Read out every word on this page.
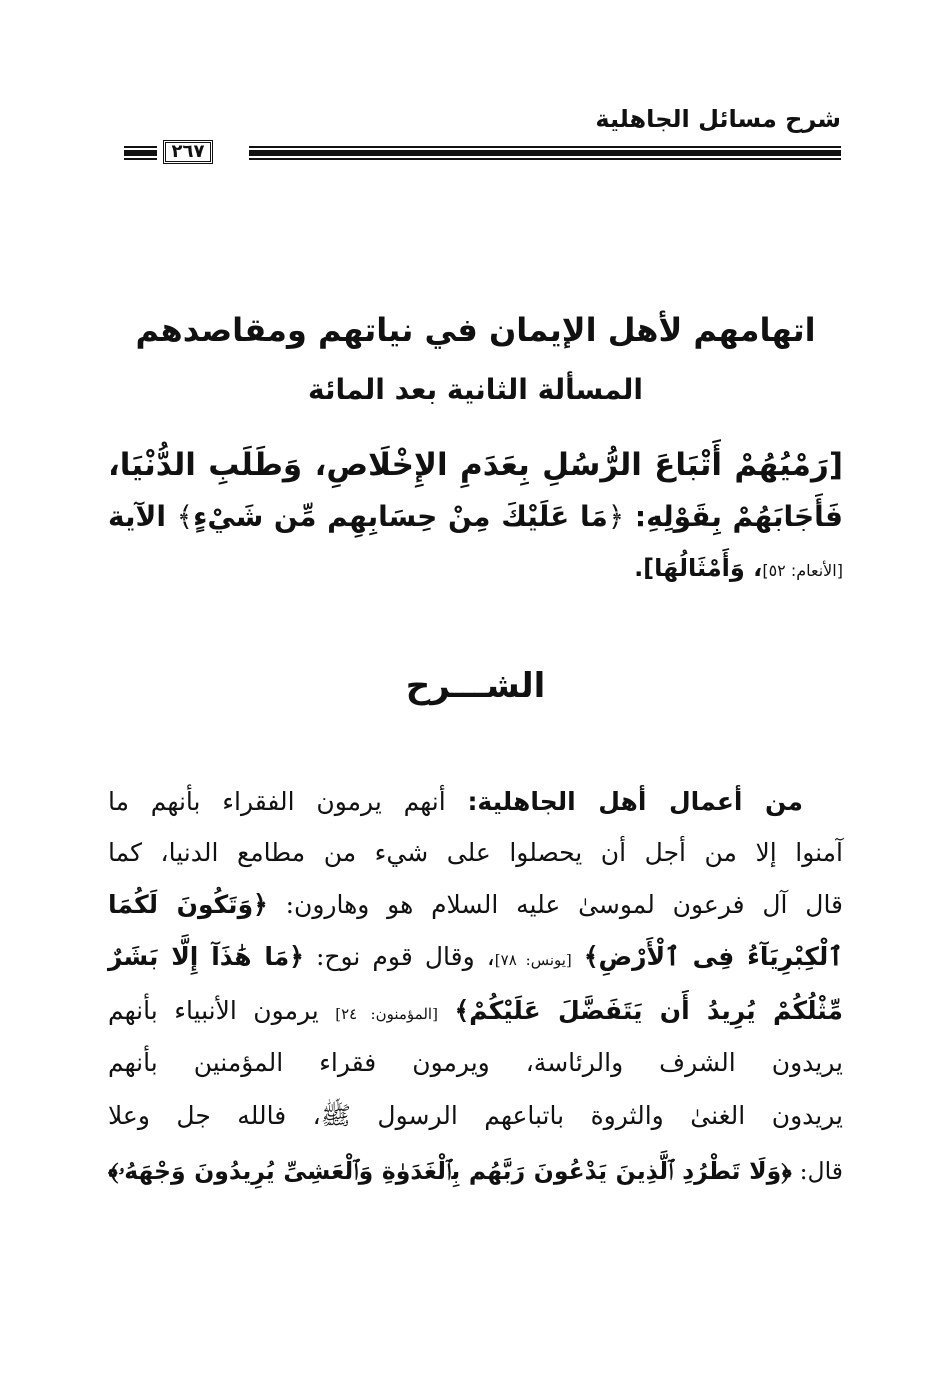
شرح مسائل الجاهلية
٢٦٧
اتهامهم لأهل الإيمان في نياتهم ومقاصدهم
المسألة الثانية بعد المائة
[رَمْيُهُمْ أَتْبَاعَ الرُّسُلِ بِعَدَمِ الإِخْلَاصِ، وَطَلَبِ الدُّنْيَا،
فَأَجَابَهُمْ بِقَوْلِهِ: ﴿مَا عَلَيْكَ مِنْ حِسَابِهِم مِّن شَيْءٍ﴾ الآية
[الأنعام: ٥٢]، وَأَمْثَالُهَا].
الشـــرح
من أعمال أهل الجاهلية: أنهم يرمون الفقراء بأنهم ما
آمنوا إلا من أجل أن يحصلوا على شيء من مطامع الدنيا، كما
قال آل فرعون لموسىٰ عليه السلام هو وهارون: ﴿وَتَكُونَ لَكُمَا
ٱلْكِبْرِيَآءُ فِى ٱلْأَرْضِ﴾ [يونس: ٧٨]، وقال قوم نوح: ﴿مَا هَٰذَآ إِلَّا بَشَرٌ
مِّثْلُكُمْ يُرِيدُ أَن يَتَفَضَّلَ عَلَيْكُمْ﴾ [المؤمنون: ٢٤] يرمون الأنبياء بأنهم
يريدون الشرف والرئاسة، ويرمون فقراء المؤمنين بأنهم
يريدون الغنىٰ والثروة باتباعهم الرسول ﷺ، فالله جل وعلا
قال: ﴿وَلَا تَطْرُدِ ٱلَّذِينَ يَدْعُونَ رَبَّهُم بِٱلْغَدَوٰةِ وَٱلْعَشِىِّ يُرِيدُونَ وَجْهَهُۥ﴾
